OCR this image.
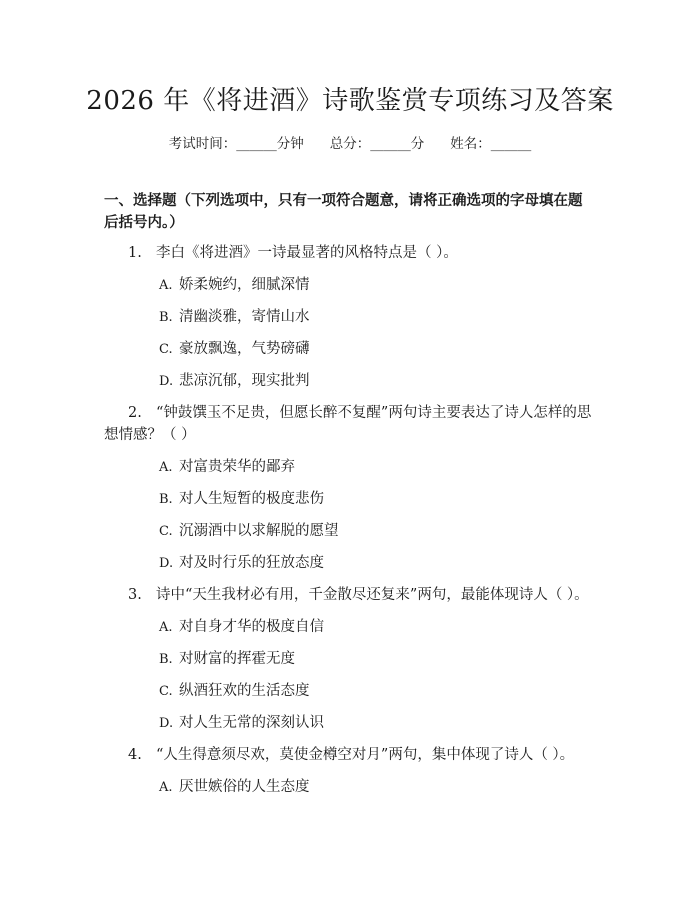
2026 年《将进酒》诗歌鉴赏专项练习及答案
考试时间：______分钟 总分：______分 姓名：______
一、选择题（下列选项中，只有一项符合题意，请将正确选项的字母填在题后括号内。）
1. 李白《将进酒》一诗最显著的风格特点是（ ）。
A. 娇柔婉约，细腻深情
B. 清幽淡雅，寄情山水
C. 豪放飘逸，气势磅礴
D. 悲凉沉郁，现实批判
2. “钟鼓馔玉不足贵，但愿长醉不复醒”两句诗主要表达了诗人怎样的思想情感？（ ）
A. 对富贵荣华的鄙弃
B. 对人生短暂的极度悲伤
C. 沉溺酒中以求解脱的愿望
D. 对及时行乐的狂放态度
3. 诗中“天生我材必有用，千金散尽还复来”两句，最能体现诗人（ ）。
A. 对自身才华的极度自信
B. 对财富的挥霍无度
C. 纵酒狂欢的生活态度
D. 对人生无常的深刻认识
4. “人生得意须尽欢，莫使金樽空对月”两句，集中体现了诗人（ ）。
A. 厌世嫉俗的人生态度
